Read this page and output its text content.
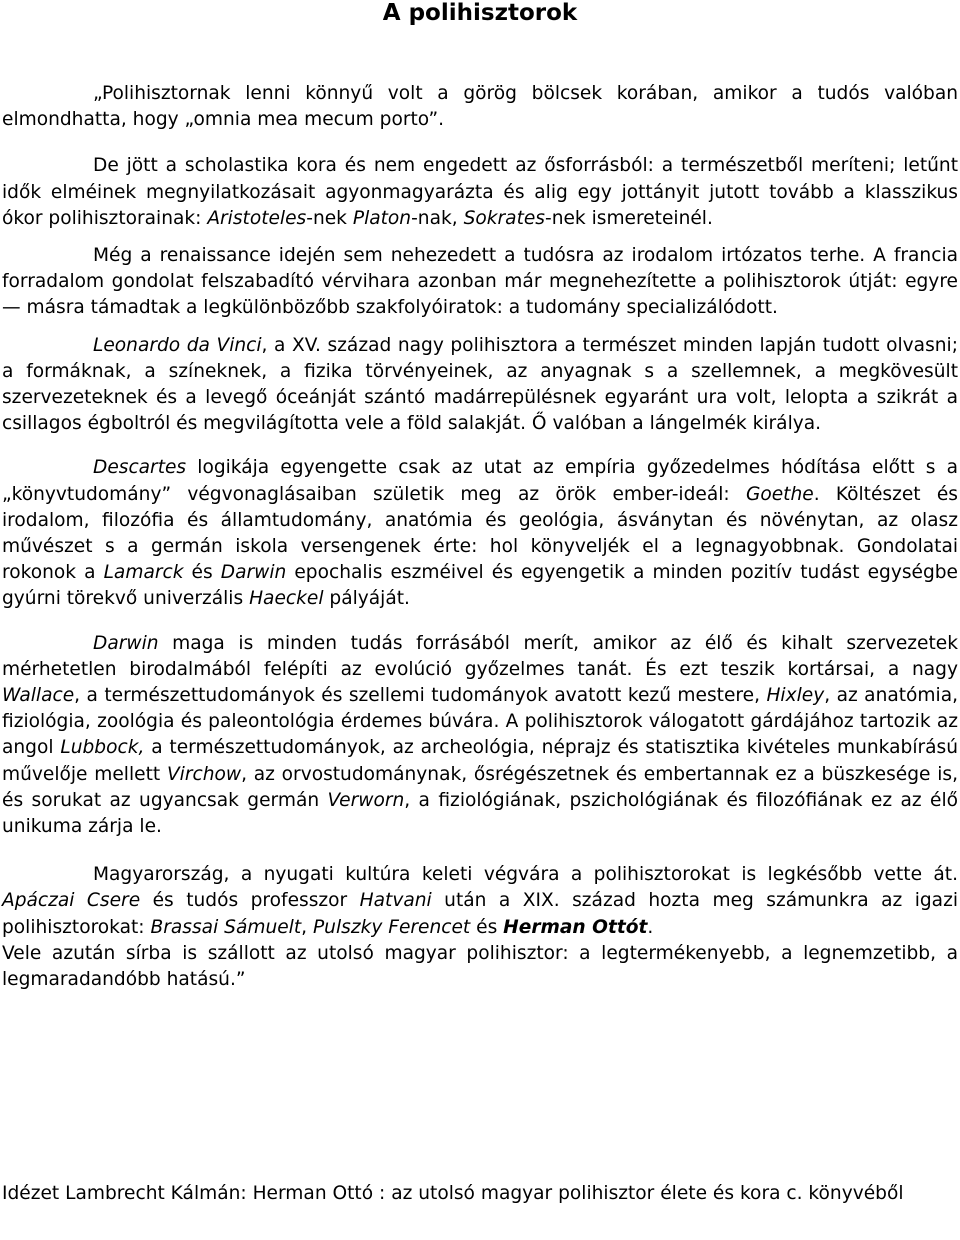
A polihisztorok

„Polihisztornak lenni könnyű volt a görög bölcsek korában, amikor a tudós valóban elmondhatta, hogy „omnia mea mecum porto”.

De jött a scholastika kora és nem engedett az ősforrásból: a természetből meríteni; letűnt idők elméinek megnyilatkozásait agyonmagyarázta és alig egy jottányit jutott tovább a klasszikus ókor polihisztorainak: Aristoteles-nek Platon-nak, Sokrates-nek ismereteinél.

Még a renaissance idején sem nehezedett a tudósra az irodalom irtózatos terhe. A francia forradalom gondolat felszabadító vérvihara azonban már megnehezítette a polihisztorok útját: egyre — másra támadtak a legkülönbözőbb szakfolyóiratok: a tudomány specializálódott.

Leonardo da Vinci, a XV. század nagy polihisztora a természet minden lapján tudott olvasni; a formáknak, a színeknek, a fizika törvényeinek, az anyagnak s a szellemnek, a megkövesült szervezeteknek és a levegő óceánját szántó madárrepülésnek egyaránt ura volt, lelopta a szikrát a csillagos égboltról és megvilágította vele a föld salakját. Ő valóban a lángelmék királya.

Descartes logikája egyengette csak az utat az empíria győzedelmes hódítása előtt s a „könyvtudomány” végvonaglásaiban születik meg az örök ember-ideál: Goethe. Költészet és irodalom, filozófia és államtudomány, anatómia és geológia, ásványtan és növénytan, az olasz művészet s a germán iskola versengenek érte: hol könyveljék el a legnagyobbnak. Gondolatai rokonok a Lamarck és Darwin epochalis eszméivel és egyengetik a minden pozitív tudást egységbe gyúrni törekvő univerzális Haeckel pályáját.

Darwin maga is minden tudás forrásából merít, amikor az élő és kihalt szervezetek mérhetetlen birodalmából felépíti az evolúció győzelmes tanát. És ezt teszik kortársai, a nagy Wallace, a természettudományok és szellemi tudományok avatott kezű mestere, Hixley, az anatómia, fiziológia, zoológia és paleontológia érdemes búvára. A polihisztorok válogatott gárdájához tartozik az angol Lubbock, a természettudományok, az archeológia, néprajz és statisztika kivételes munkabírású művelője mellett Virchow, az orvostudománynak, ősrégészetnek és embertannak ez a büszkesége is, és sorukat az ugyancsak germán Verworn, a fiziológiának, pszichológiának és filozófiának ez az élő unikuma zárja le.

Magyarország, a nyugati kultúra keleti végvára a polihisztorokat is legkésőbb vette át. Apáczai Csere és tudós professzor Hatvani után a XIX. század hozta meg számunkra az igazi polihisztorokat: Brassai Sámuelt, Pulszky Ferencet és Herman Ottót.

Vele azután sírba is szállott az utolsó magyar polihisztor: a legtermékenyebb, a legnemzetibb, a legmaradandóbb hatású.”

Idézet Lambrecht Kálmán: Herman Ottó : az utolsó magyar polihisztor élete és kora c. könyvéből
